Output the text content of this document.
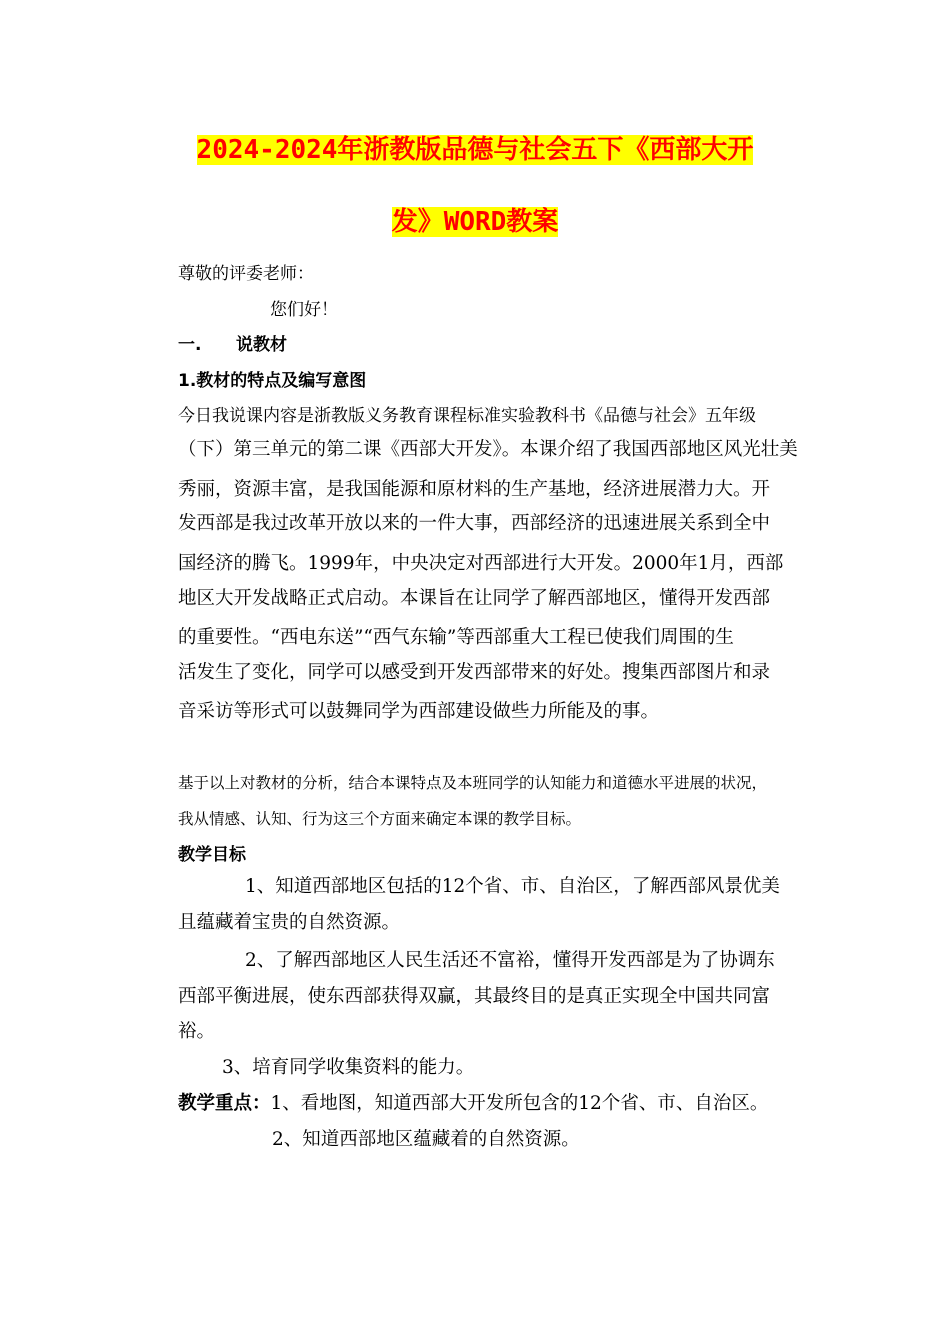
2024-2024年浙教版品德与社会五下《西部大开
发》WORD教案
尊敬的评委老师：
您们好！
一. 说教材
1.教材的特点及编写意图
今日我说课内容是浙教版义务教育课程标准实验教科书《品德与社会》五年级
（下）第三单元的第二课《西部大开发》。本课介绍了我国西部地区风光壮美
秀丽，资源丰富，是我国能源和原材料的生产基地，经济进展潜力大。开
发西部是我过改革开放以来的一件大事，西部经济的迅速进展关系到全中
国经济的腾飞。1999年，中央决定对西部进行大开发。2000年1月，西部
地区大开发战略正式启动。本课旨在让同学了解西部地区，懂得开发西部
的重要性。“西电东送”“西气东输”等西部重大工程已使我们周围的生
活发生了变化，同学可以感受到开发西部带来的好处。搜集西部图片和录
音采访等形式可以鼓舞同学为西部建设做些力所能及的事。
基于以上对教材的分析，结合本课特点及本班同学的认知能力和道德水平进展的状况，
我从情感、认知、行为这三个方面来确定本课的教学目标。
教学目标
1、知道西部地区包括的12个省、市、自治区，了解西部风景优美
且蕴藏着宝贵的自然资源。
2、了解西部地区人民生活还不富裕，懂得开发西部是为了协调东
西部平衡进展，使东西部获得双赢，其最终目的是真正实现全中国共同富
裕。
3、培育同学收集资料的能力。
教学重点：1、看地图，知道西部大开发所包含的12个省、市、自治区。
2、知道西部地区蕴藏着的自然资源。
